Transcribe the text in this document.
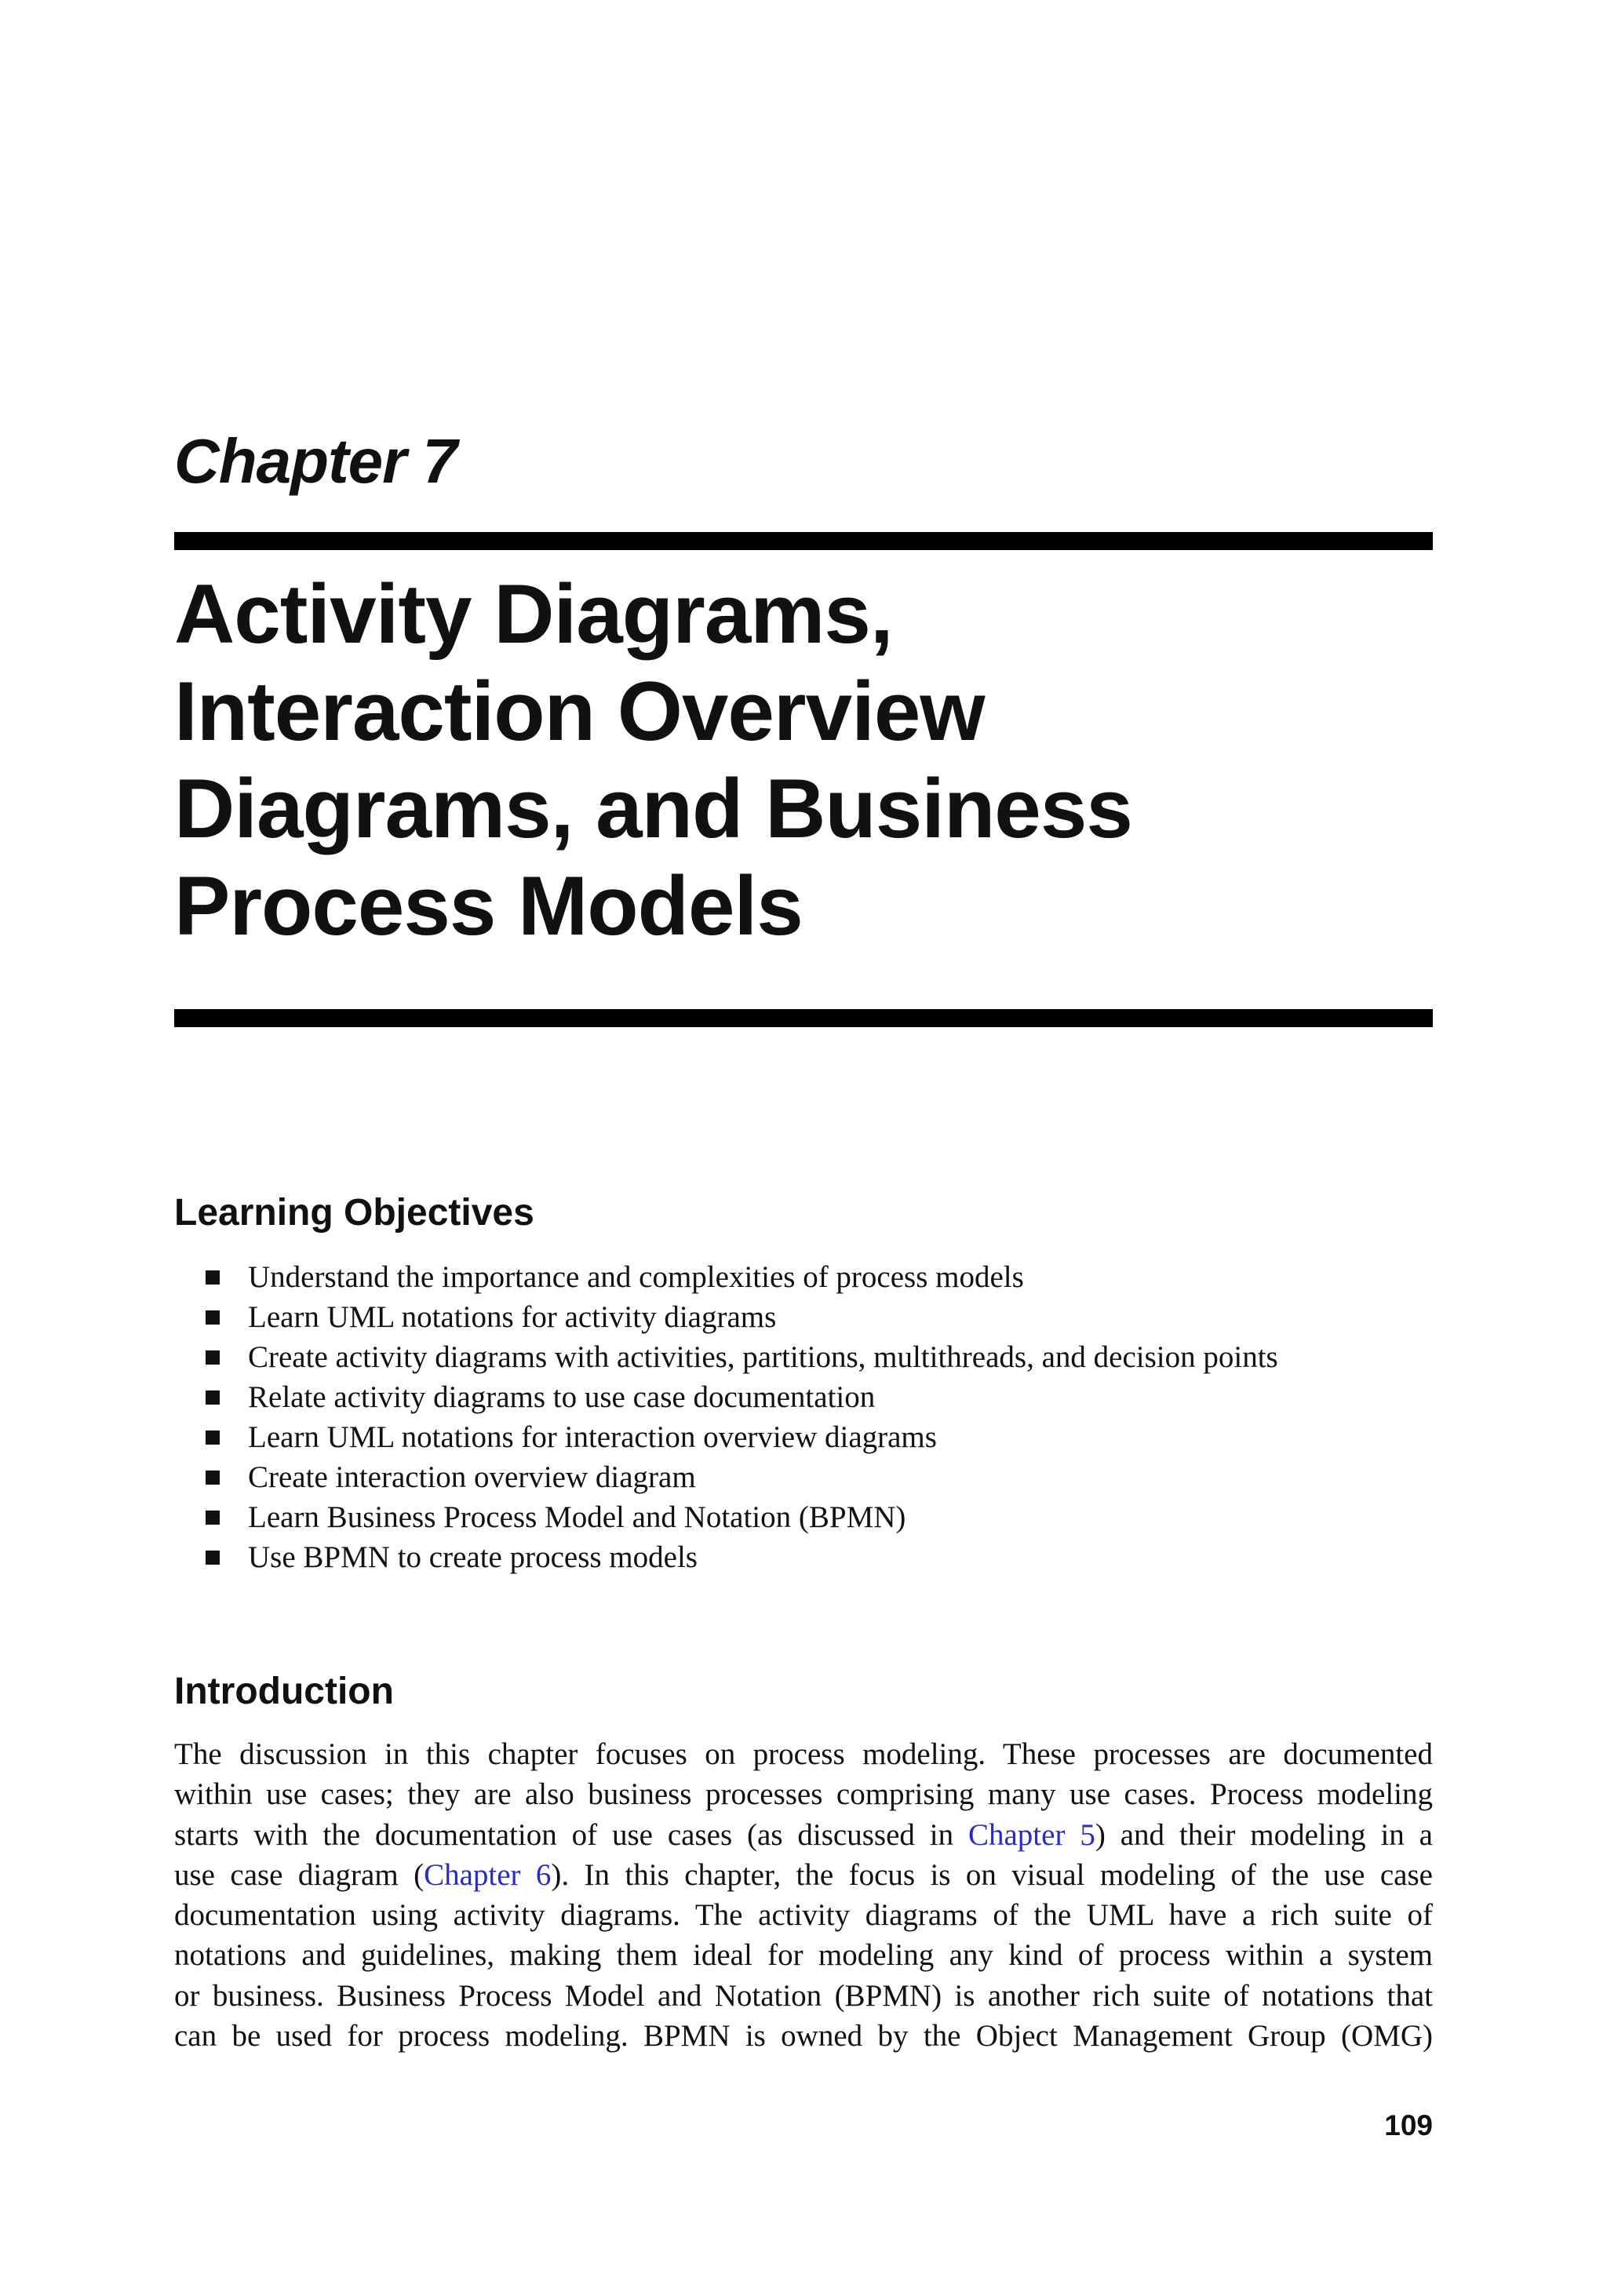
Chapter 7
Activity Diagrams,
Interaction Overview
Diagrams, and Business
Process Models
Learning Objectives
Understand the importance and complexities of process models
Learn UML notations for activity diagrams
Create activity diagrams with activities, partitions, multithreads, and decision points
Relate activity diagrams to use case documentation
Learn UML notations for interaction overview diagrams
Create interaction overview diagram
Learn Business Process Model and Notation (BPMN)
Use BPMN to create process models
Introduction
The discussion in this chapter focuses on process modeling. These processes are documented
within use cases; they are also business processes comprising many use cases. Process modeling
starts with the documentation of use cases (as discussed in Chapter 5) and their modeling in a
use case diagram (Chapter 6). In this chapter, the focus is on visual modeling of the use case
documentation using activity diagrams. The activity diagrams of the UML have a rich suite of
notations and guidelines, making them ideal for modeling any kind of process within a system
or business. Business Process Model and Notation (BPMN) is another rich suite of notations that
can be used for process modeling. BPMN is owned by the Object Management Group (OMG)
109
